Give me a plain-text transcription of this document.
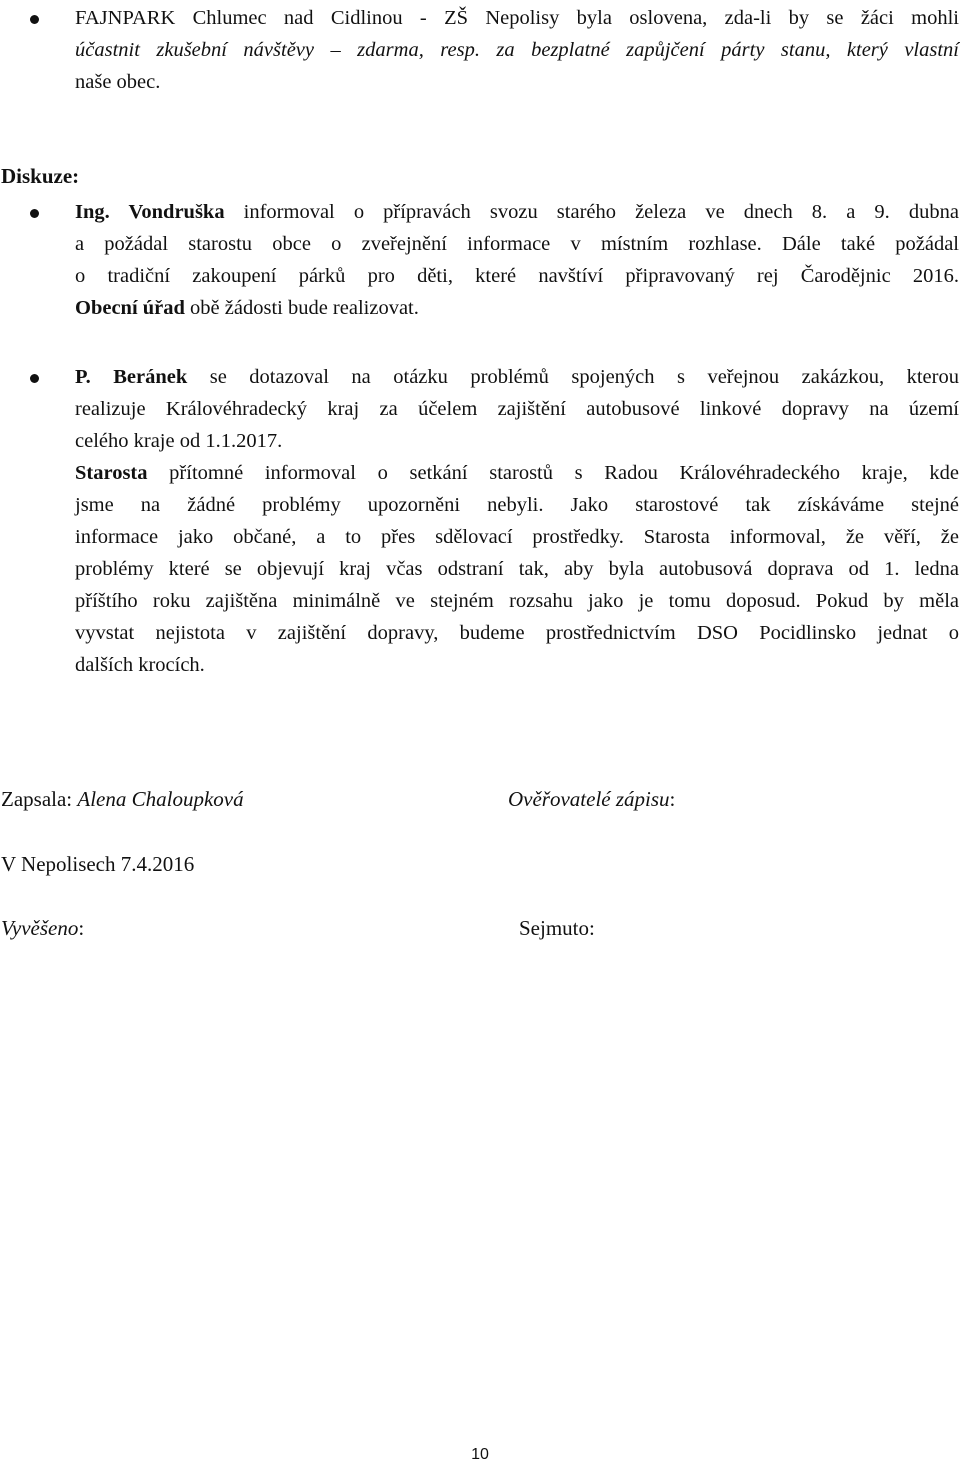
FAJNPARK Chlumec nad Cidlinou - ZŠ Nepolisy byla oslovena, zda-li by se žáci mohli
účastnit zkušební návštěvy – zdarma, resp. za bezplatné zapůjčení párty stanu, který vlastní
naše obec.
Diskuze:
Ing. Vondruška informoval o přípravách svozu starého železa ve dnech 8. a 9. dubna
a požádal starostu obce o zveřejnění informace v místním rozhlase. Dále také požádal
o tradiční zakoupení párků pro děti, které navštíví připravovaný rej Čarodějnic 2016.
Obecní úřad obě žádosti bude realizovat.
P. Beránek se dotazoval na otázku problémů spojených s veřejnou zakázkou, kterou
realizuje Královéhradecký kraj za účelem zajištění autobusové linkové dopravy na území
celého kraje od 1.1.2017.
Starosta přítomné informoval o setkání starostů s Radou Královéhradeckého kraje, kde
jsme na žádné problémy upozorněni nebyli. Jako starostové tak získáváme stejné
informace jako občané, a to přes sdělovací prostředky. Starosta informoval, že věří, že
problémy které se objevují kraj včas odstraní tak, aby byla autobusová doprava od 1. ledna
příštího roku zajištěna minimálně ve stejném rozsahu jako je tomu doposud. Pokud by měla
vyvstat nejistota v zajištění dopravy, budeme prostřednictvím DSO Pocidlinsko jednat o
dalších krocích.
Zapsala: Alena Chaloupková	Ověřovatelé zápisu:
V Nepolisech 7.4.2016
Vyvěšeno:	Sejmuto:
10
